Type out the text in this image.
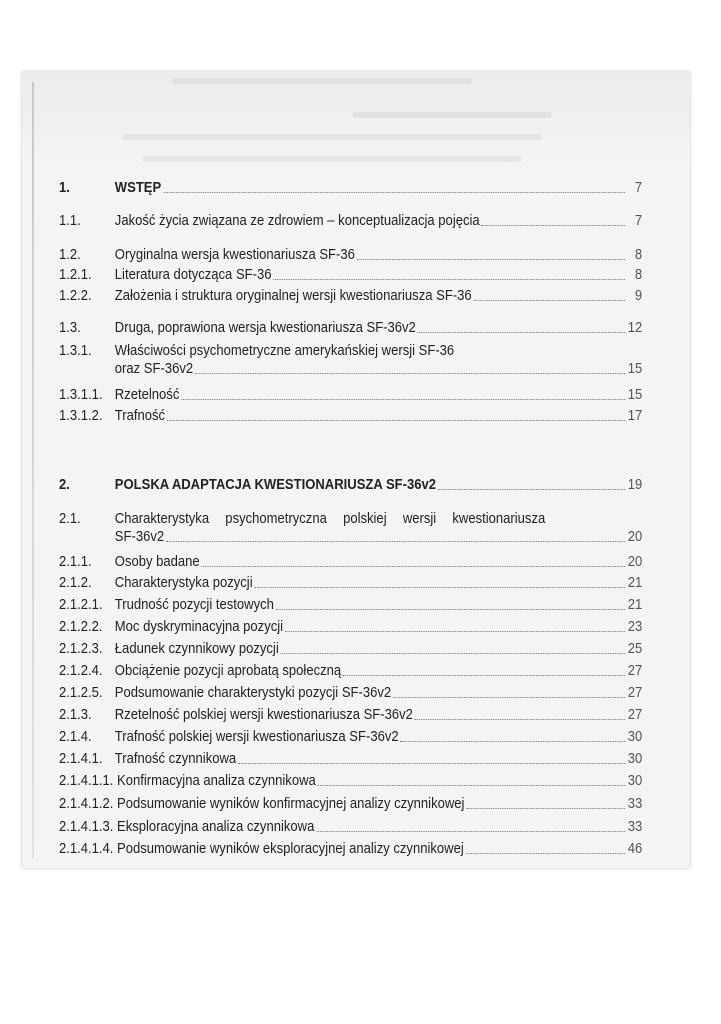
1.	WSTĘP	7
1.1.	Jakość życia związana ze zdrowiem – konceptualizacja pojęcia	7
1.2.	Oryginalna wersja kwestionariusza SF-36	8
1.2.1.	Literatura dotycząca SF-36	8
1.2.2.	Założenia i struktura oryginalnej wersji kwestionariusza SF-36	9
1.3.	Druga, poprawiona wersja kwestionariusza SF-36v2	12
1.3.1.	Właściwości psychometryczne amerykańskiej wersji SF-36
oraz SF-36v2	15
1.3.1.1. Rzetelność	15
1.3.1.2. Trafność	17
2.	POLSKA ADAPTACJA KWESTIONARIUSZA SF-36v2	19
2.1.	Charakterystyka psychometryczna polskiej wersji kwestionariusza
SF-36v2	20
2.1.1.	Osoby badane	20
2.1.2.	Charakterystyka pozycji	21
2.1.2.1. Trudność pozycji testowych	21
2.1.2.2. Moc dyskryminacyjna pozycji	23
2.1.2.3. Ładunek czynnikowy pozycji	25
2.1.2.4. Obciążenie pozycji aprobatą społeczną	27
2.1.2.5. Podsumowanie charakterystyki pozycji SF-36v2	27
2.1.3.	Rzetelność polskiej wersji kwestionariusza SF-36v2	27
2.1.4.	Trafność polskiej wersji kwestionariusza SF-36v2	30
2.1.4.1. Trafność czynnikowa	30
2.1.4.1.1. Konfirmacyjna analiza czynnikowa	30
2.1.4.1.2. Podsumowanie wyników konfirmacyjnej analizy czynnikowej	33
2.1.4.1.3. Eksploracyjna analiza czynnikowa	33
2.1.4.1.4. Podsumowanie wyników eksploracyjnej analizy czynnikowej	46
